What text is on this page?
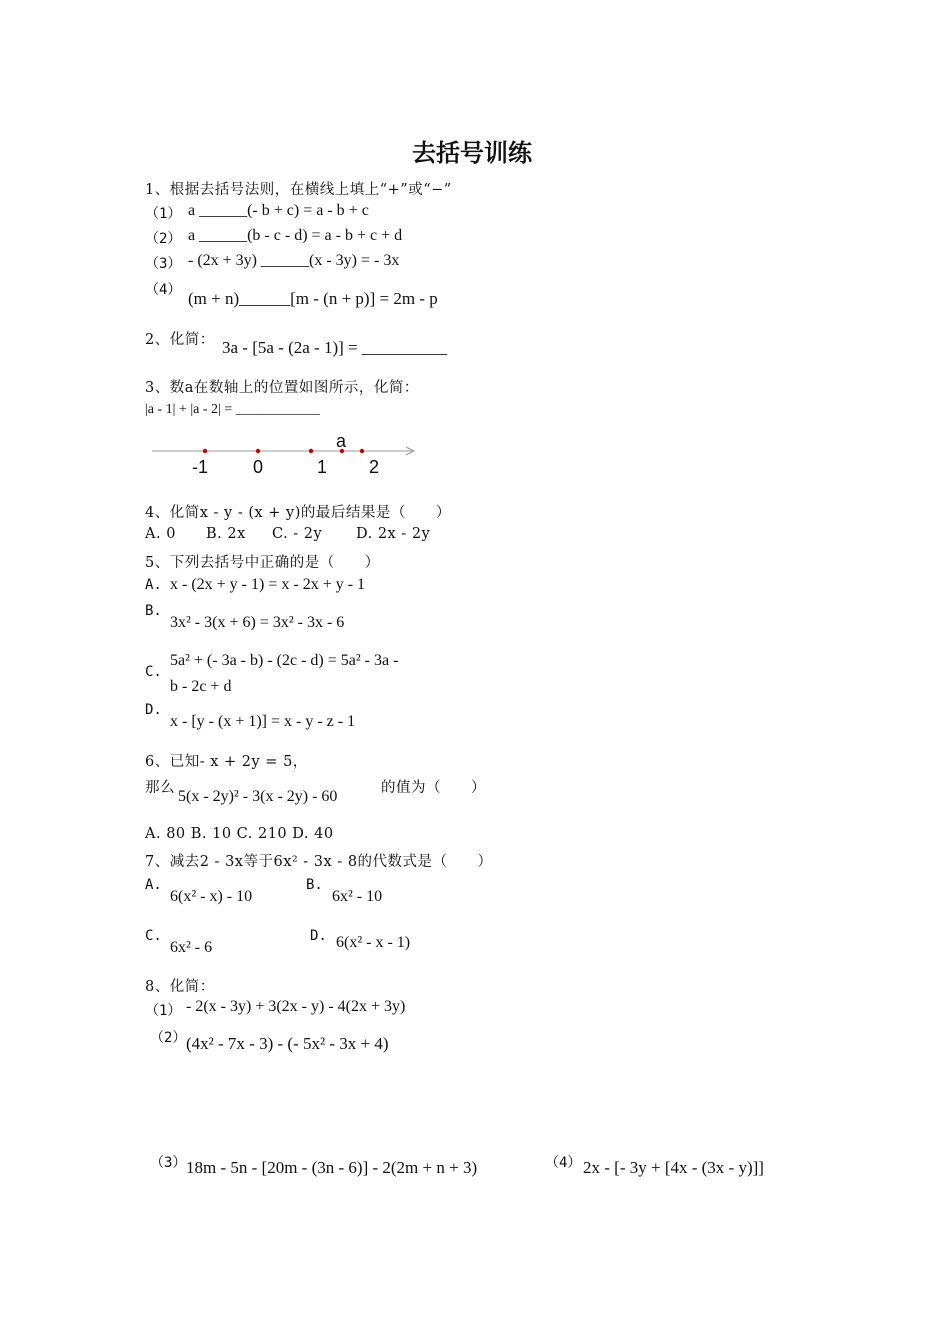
去括号训练
1、根据去括号法则，在横线上填上“+”或“−”
（1） a ______(- b + c) = a - b + c
（2） a ______(b - c - d) = a - b + c + d
（3） - (2x + 3y) ______(x - 3y) = - 3x
（4） (m + n)______[m - (n + p)] = 2m - p
2、化简： 3a - [5a - (2a - 1)] = __________
3、数a在数轴上的位置如图所示，化简：
|a - 1| + |a - 2| = ____________
a
-1 0	1 2
4、化简x - y - (x + y)的最后结果是（　　）
A. 0 B. 2x C. - 2y D. 2x - 2y
5、下列去括号中正确的是（　　）
A. x - (2x + y - 1) = x - 2x + y - 1
B.
3x² - 3(x + 6) = 3x² - 3x - 6
C.
5a² + (- 3a - b) - (2c - d) = 5a² - 3a -
b - 2c + d
D.
x - [y - (x + 1)] = x - y - z - 1
6、已知- x + 2y = 5，
那么 5(x - 2y)² - 3(x - 2y) - 60	的值为（　　）
A. 80 B. 10 C. 210 D. 40
7、减去2 - 3x等于6x² - 3x - 8的代数式是（　　）
A.
6(x² - x) - 10
B.
6x² - 10
C.
6x² - 6
D. 6(x² - x - 1)
8、化简：
（1） - 2(x - 3y) + 3(2x - y) - 4(2x + 3y)
（2） (4x² - 7x - 3) - (- 5x² - 3x + 4)
（3） 18m - 5n - [20m - (3n - 6)] - 2(2m + n + 3)	（4） 2x - [- 3y + [4x - (3x - y)]]
